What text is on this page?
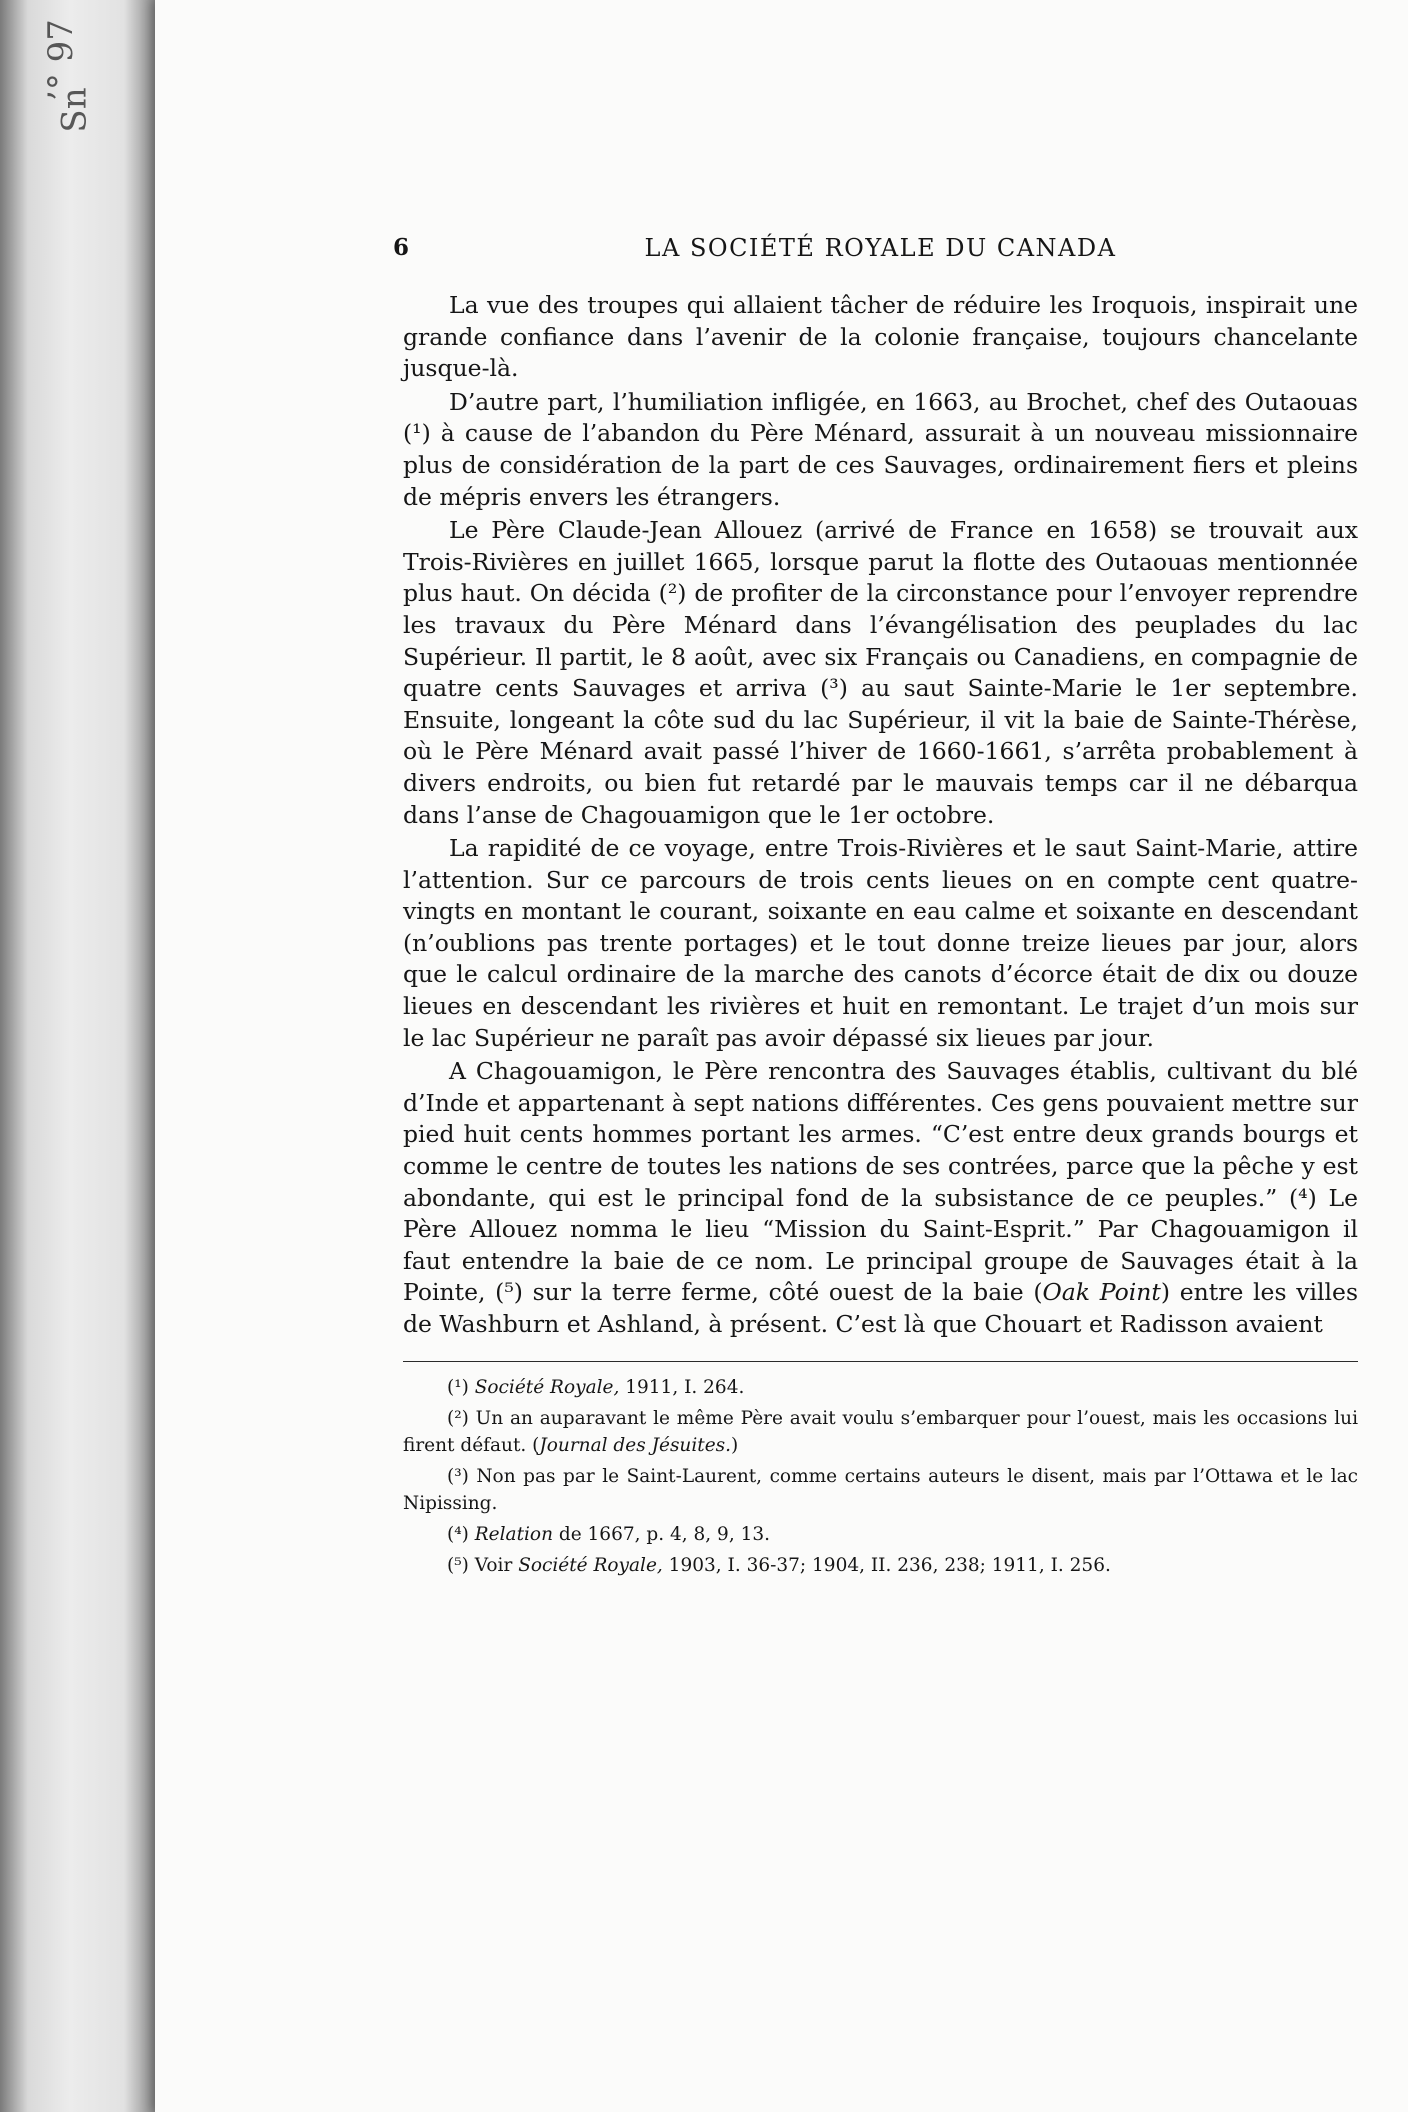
’° 97
Sn
6	LA SOCIÉTÉ ROYALE DU CANADA

La vue des troupes qui allaient tâcher de réduire les Iroquois, inspirait une grande confiance dans l’avenir de la colonie française, toujours chancelante jusque-là.

D’autre part, l’humiliation infligée, en 1663, au Brochet, chef des Outaouas (¹) à cause de l’abandon du Père Ménard, assurait à un nouveau missionnaire plus de considération de la part de ces Sauvages, ordinairement fiers et pleins de mépris envers les étrangers.

Le Père Claude-Jean Allouez (arrivé de France en 1658) se trouvait aux Trois-Rivières en juillet 1665, lorsque parut la flotte des Outaouas mentionnée plus haut. On décida (²) de profiter de la circonstance pour l’envoyer reprendre les travaux du Père Ménard dans l’évangélisation des peuplades du lac Supérieur. Il partit, le 8 août, avec six Français ou Canadiens, en compagnie de quatre cents Sauvages et arriva (³) au saut Sainte-Marie le 1er septembre. Ensuite, longeant la côte sud du lac Supérieur, il vit la baie de Sainte-Thérèse, où le Père Ménard avait passé l’hiver de 1660-1661, s’arrêta probablement à divers endroits, ou bien fut retardé par le mauvais temps car il ne débarqua dans l’anse de Chagouamigon que le 1er octobre.

La rapidité de ce voyage, entre Trois-Rivières et le saut Saint-Marie, attire l’attention. Sur ce parcours de trois cents lieues on en compte cent quatre-vingts en montant le courant, soixante en eau calme et soixante en descendant (n’oublions pas trente portages) et le tout donne treize lieues par jour, alors que le calcul ordinaire de la marche des canots d’écorce était de dix ou douze lieues en descendant les rivières et huit en remontant. Le trajet d’un mois sur le lac Supérieur ne paraît pas avoir dépassé six lieues par jour.

A Chagouamigon, le Père rencontra des Sauvages établis, cultivant du blé d’Inde et appartenant à sept nations différentes. Ces gens pouvaient mettre sur pied huit cents hommes portant les armes. “C’est entre deux grands bourgs et comme le centre de toutes les nations de ses contrées, parce que la pêche y est abondante, qui est le principal fond de la subsistance de ce peuples.” (⁴) Le Père Allouez nomma le lieu “Mission du Saint-Esprit.” Par Chagouamigon il faut entendre la baie de ce nom. Le principal groupe de Sauvages était à la Pointe, (⁵) sur la terre ferme, côté ouest de la baie (Oak Point) entre les villes de Washburn et Ashland, à présent. C’est là que Chouart et Radisson avaient

(¹) Société Royale, 1911, I. 264.

(²) Un an auparavant le même Père avait voulu s’embarquer pour l’ouest, mais les occasions lui firent défaut. (Journal des Jésuites.)

(³) Non pas par le Saint-Laurent, comme certains auteurs le disent, mais par l’Ottawa et le lac Nipissing.

(⁴) Relation de 1667, p. 4, 8, 9, 13.

(⁵) Voir Société Royale, 1903, I. 36-37; 1904, II. 236, 238; 1911, I. 256.
